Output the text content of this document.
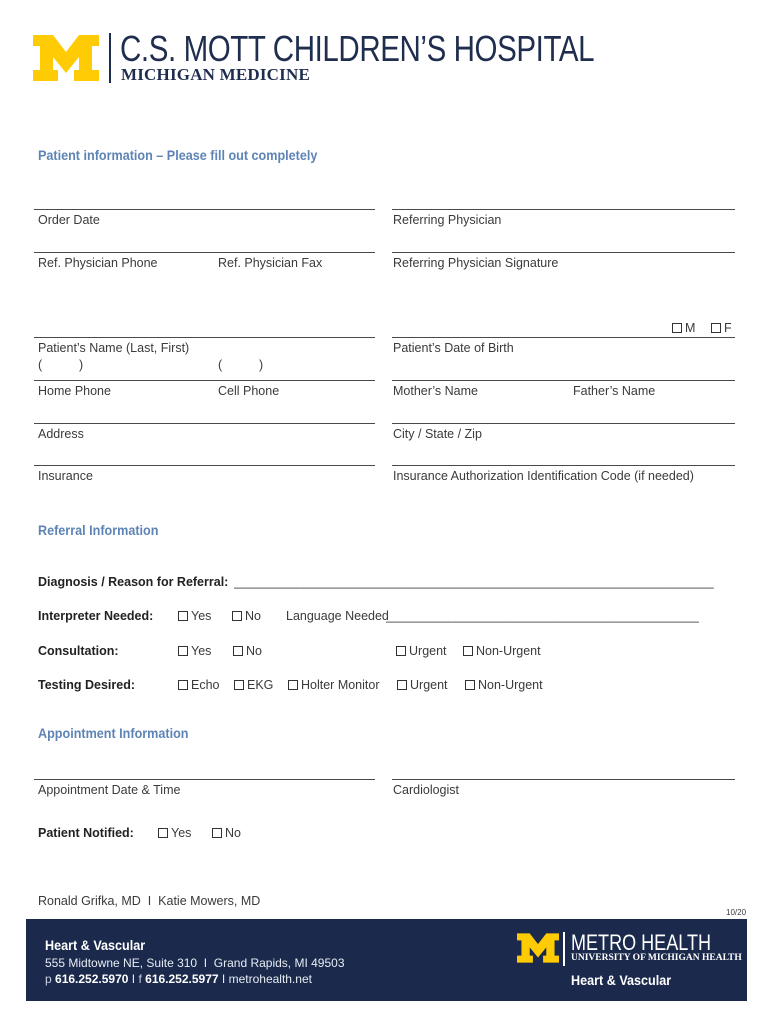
C.S. MOTT CHILDREN’S HOSPITAL
MICHIGAN MEDICINE
Patient information – Please fill out completely
Order Date	Referring Physician
Ref. Physician Phone	Ref. Physician Fax	Referring Physician Signature
M F
Patient’s Name (Last, First)	Patient’s Date of Birth
(	)	(	)
Home Phone	Cell Phone	Mother’s Name	Father’s Name
Address	City / State / Zip
Insurance	Insurance Authorization Identification Code (if needed)
Referral Information
Diagnosis / Reason for Referral: _____________________________________________________________________
Interpreter Needed:	Yes	No Language Needed
_____________________________________________
Consultation:	Yes	No	Urgent Non-Urgent
Testing Desired:	Echo EKG Holter Monitor Urgent Non-Urgent
Appointment Information
Appointment Date & Time	Cardiologist
Patient Notified:	Yes	No
Ronald Grifka, MD  I  Katie Mowers, MD
10/20
Heart & Vascular
555 Midtowne NE, Suite 310  I  Grand Rapids, MI 49503
p 616.252.5970 I f 616.252.5977 I metrohealth.net
METRO HEALTH
UNIVERSITY OF MICHIGAN HEALTH
Heart & Vascular
